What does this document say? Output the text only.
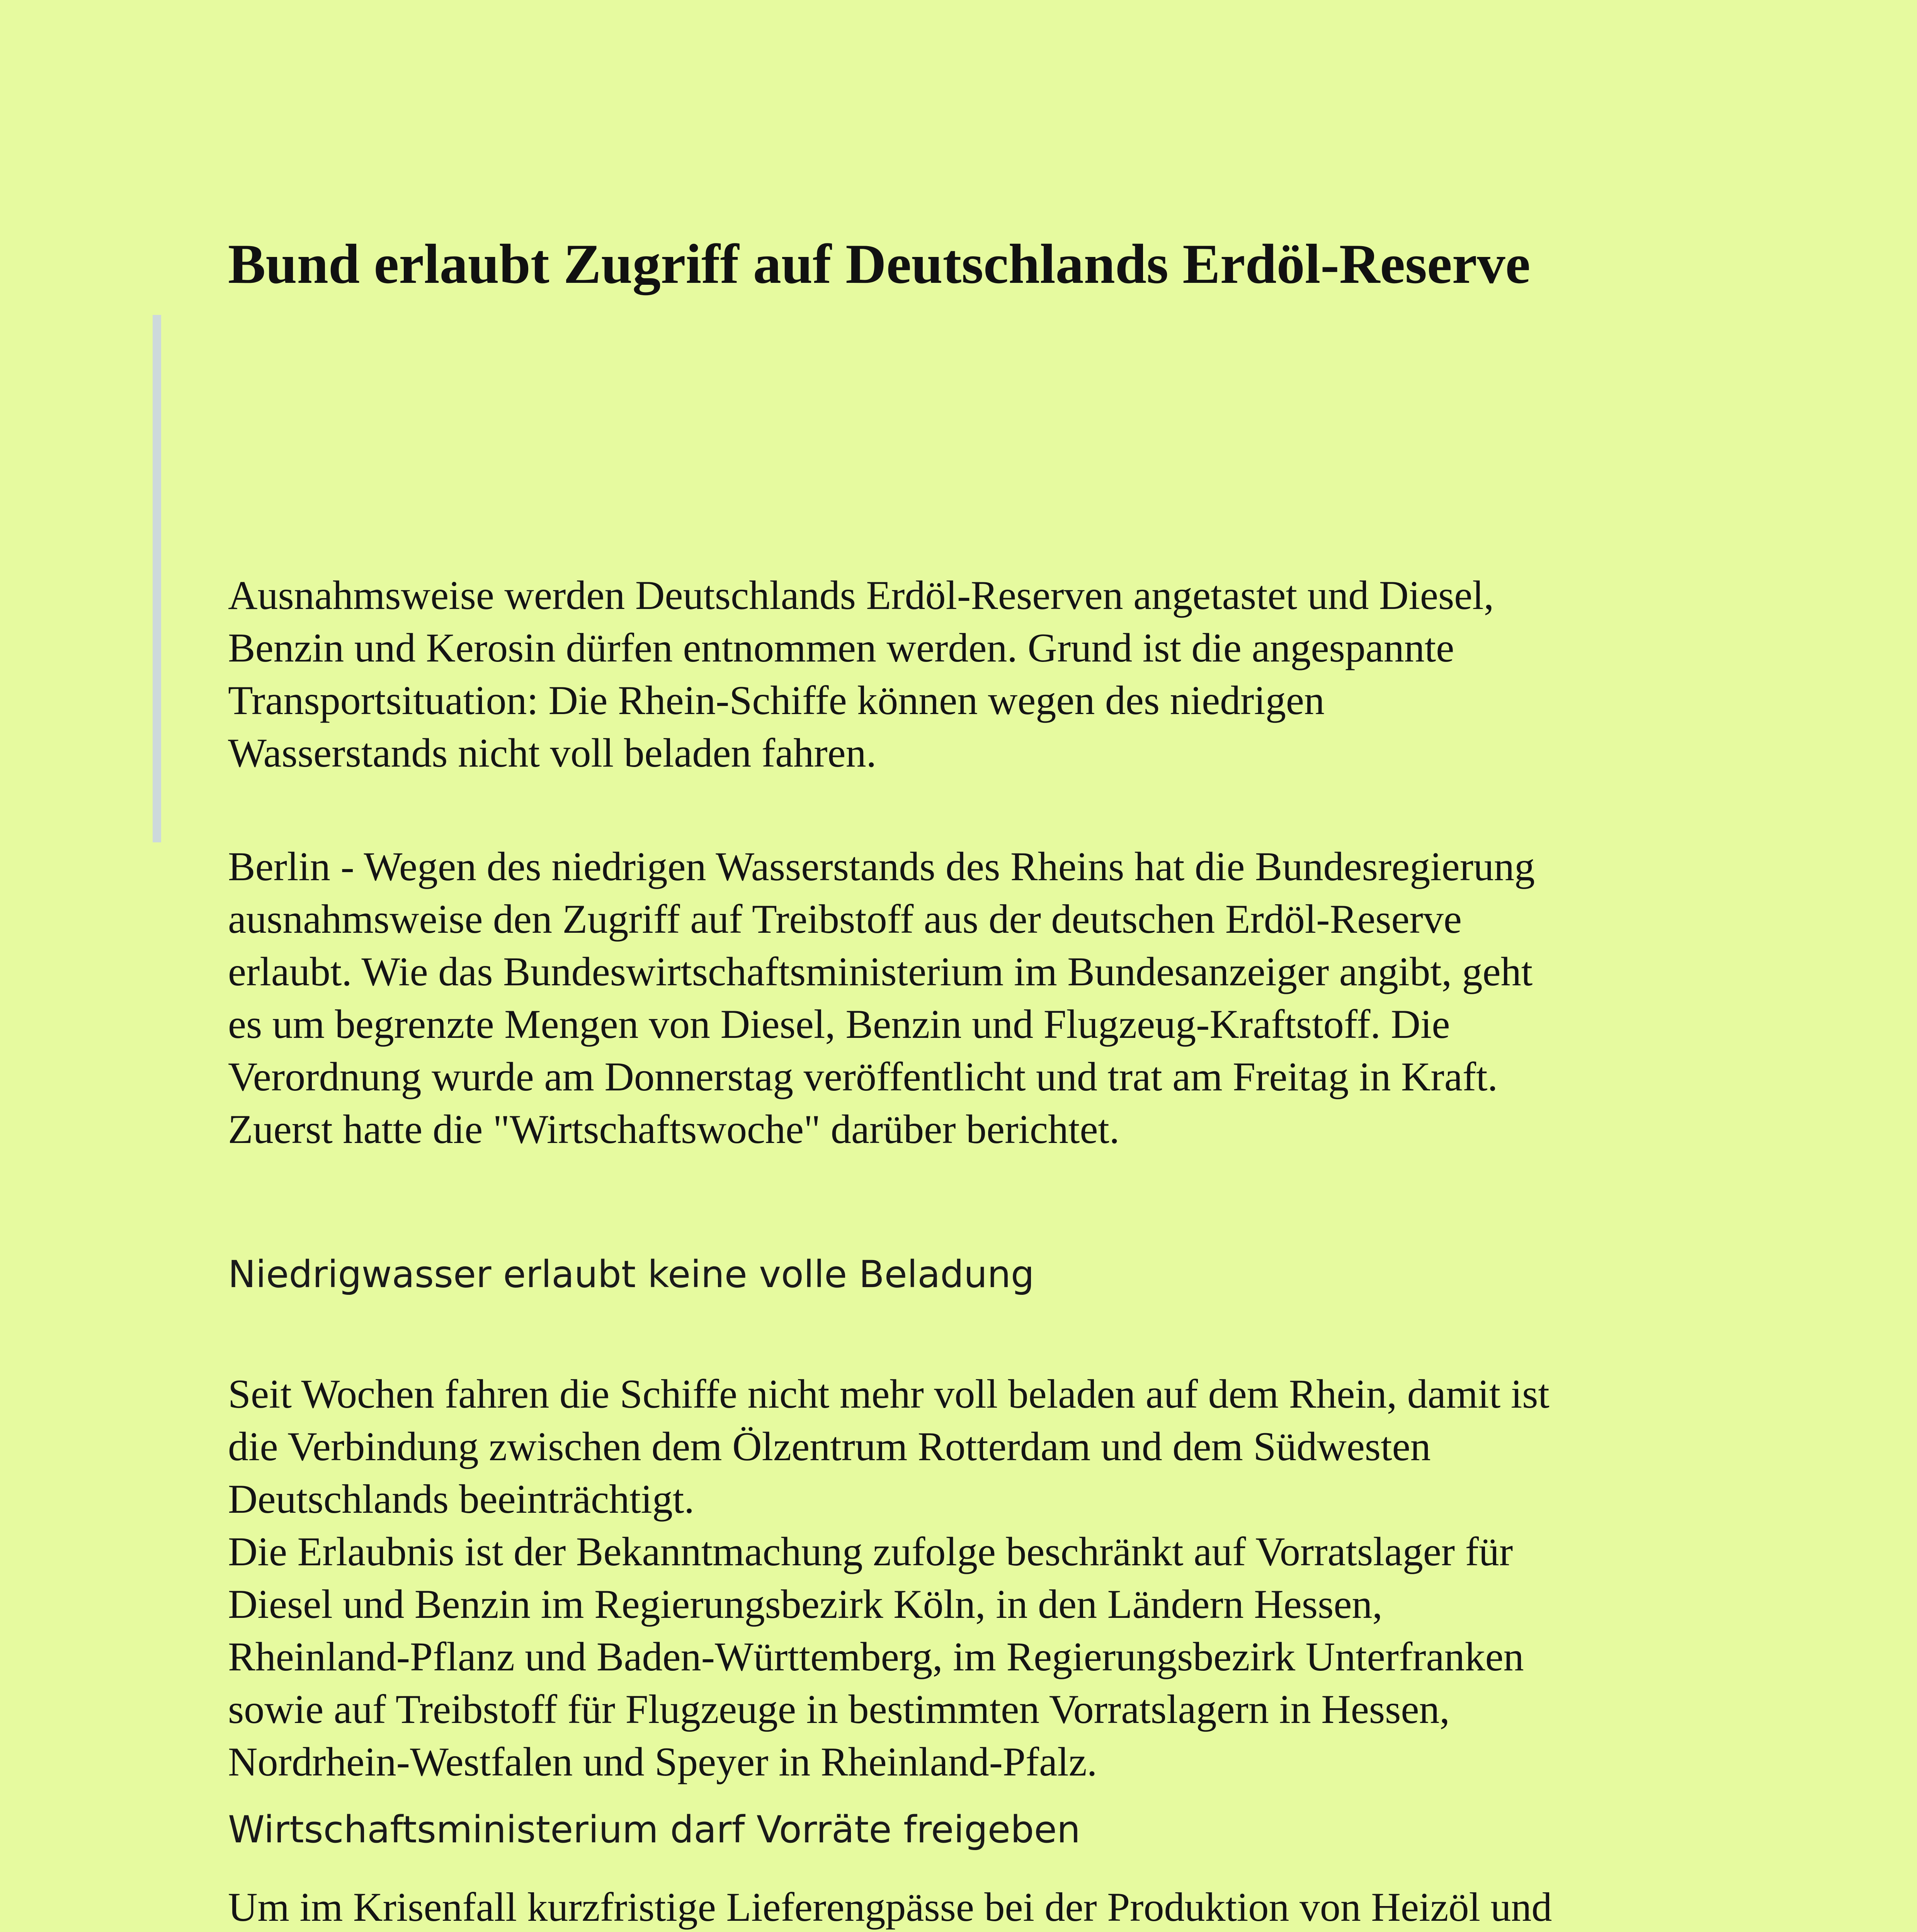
Bund erlaubt Zugriff auf Deutschlands Erdöl-Reserve

Ausnahmsweise werden Deutschlands Erdöl-Reserven angetastet und Diesel,
Benzin und Kerosin dürfen entnommen werden. Grund ist die angespannte
Transportsituation: Die Rhein-Schiffe können wegen des niedrigen
Wasserstands nicht voll beladen fahren.

Berlin - Wegen des niedrigen Wasserstands des Rheins hat die Bundesregierung
ausnahmsweise den Zugriff auf Treibstoff aus der deutschen Erdöl-Reserve
erlaubt. Wie das Bundeswirtschaftsministerium im Bundesanzeiger angibt, geht
es um begrenzte Mengen von Diesel, Benzin und Flugzeug-Kraftstoff. Die
Verordnung wurde am Donnerstag veröffentlicht und trat am Freitag in Kraft.
Zuerst hatte die "Wirtschaftswoche" darüber berichtet.

Niedrigwasser erlaubt keine volle Beladung

Seit Wochen fahren die Schiffe nicht mehr voll beladen auf dem Rhein, damit ist
die Verbindung zwischen dem Ölzentrum Rotterdam und dem Südwesten
Deutschlands beeinträchtigt.
Die Erlaubnis ist der Bekanntmachung zufolge beschränkt auf Vorratslager für
Diesel und Benzin im Regierungsbezirk Köln, in den Ländern Hessen,
Rheinland-Pflanz und Baden-Württemberg, im Regierungsbezirk Unterfranken
sowie auf Treibstoff für Flugzeuge in bestimmten Vorratslagern in Hessen,
Nordrhein-Westfalen und Speyer in Rheinland-Pfalz.

Wirtschaftsministerium darf Vorräte freigeben

Um im Krisenfall kurzfristige Lieferengpässe bei der Produktion von Heizöl und
